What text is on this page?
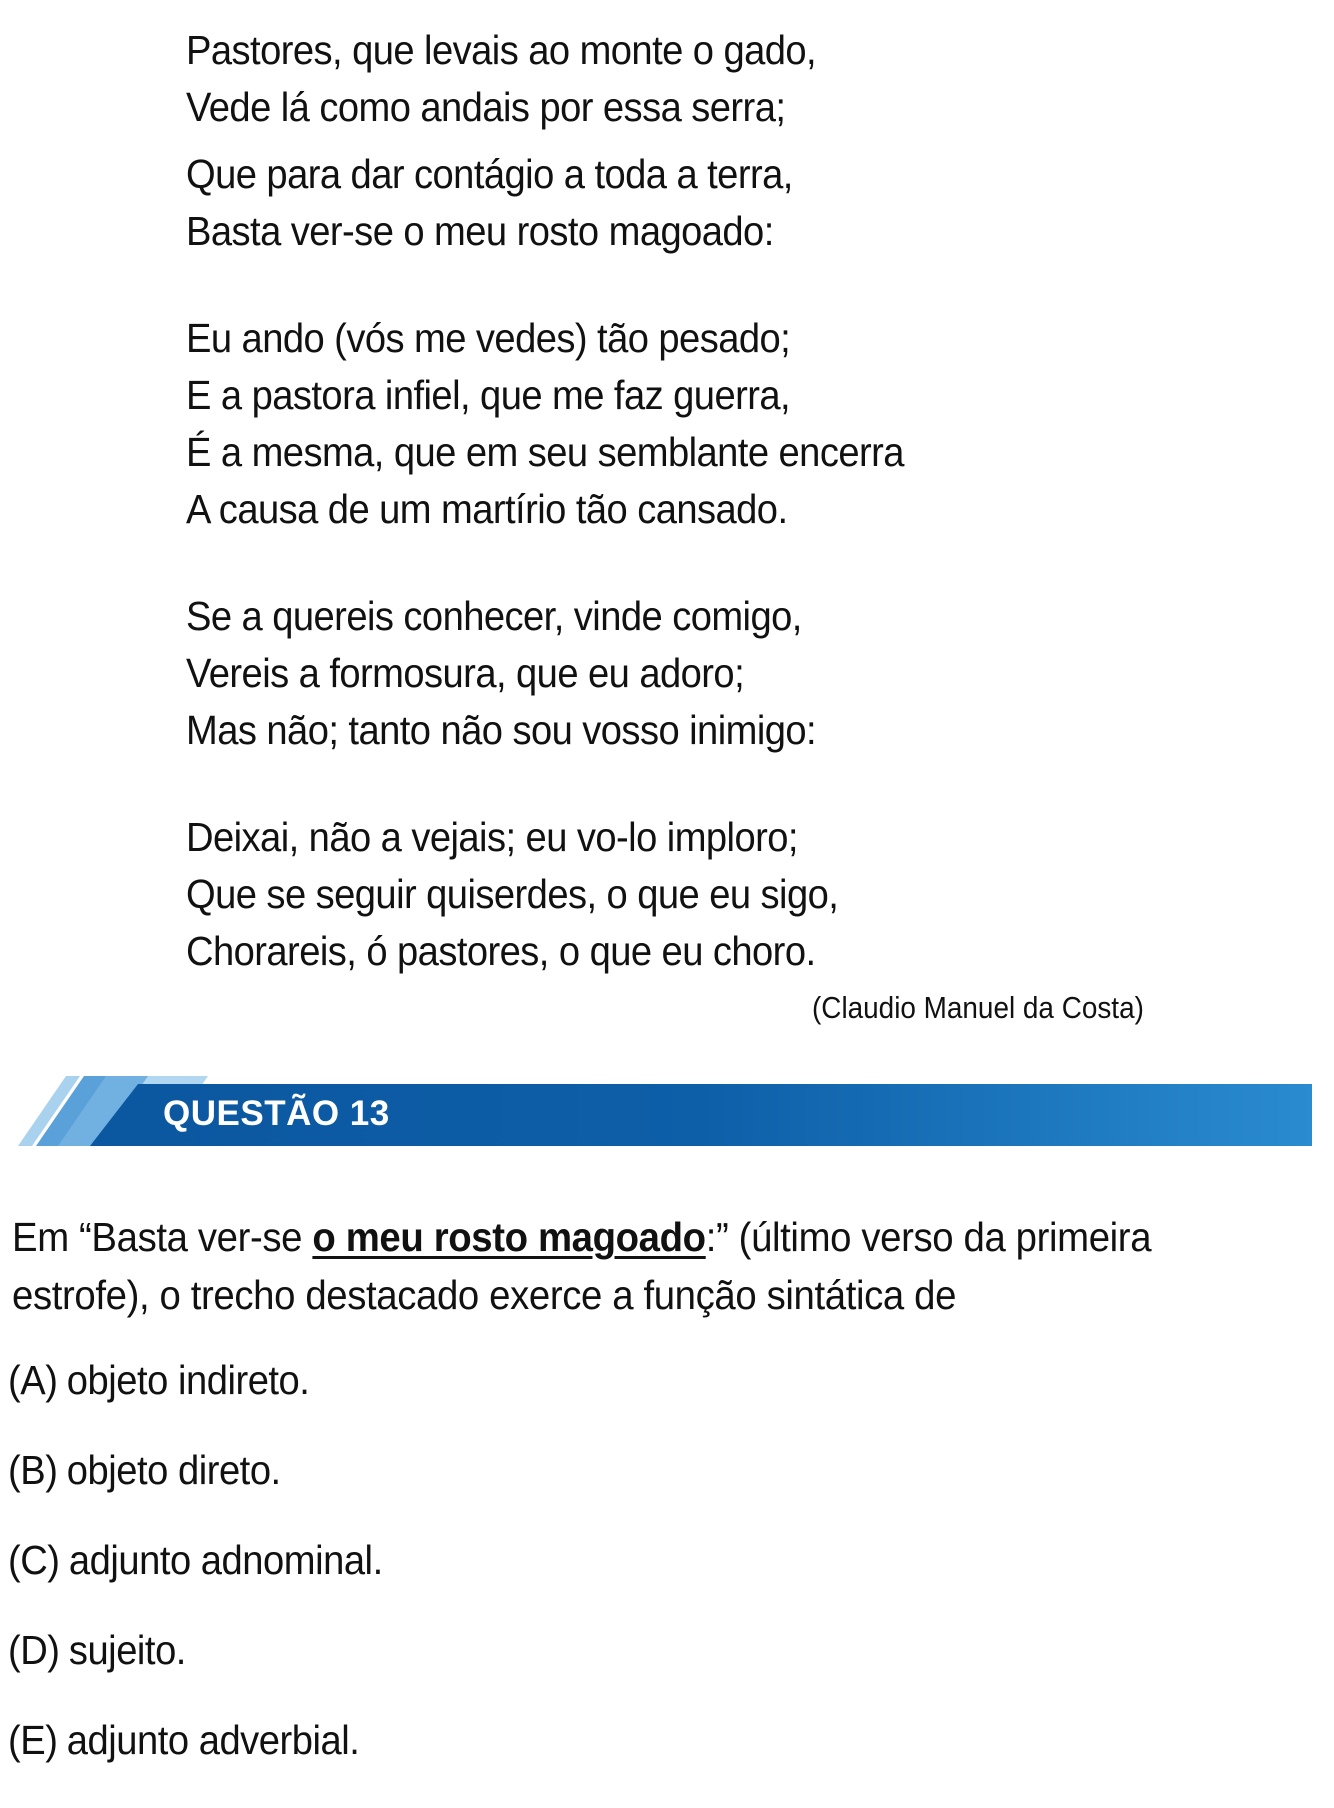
Pastores, que levais ao monte o gado,
Vede lá como andais por essa serra;
Que para dar contágio a toda a terra,
Basta ver-se o meu rosto magoado:
Eu ando (vós me vedes) tão pesado;
E a pastora infiel, que me faz guerra,
É a mesma, que em seu semblante encerra
A causa de um martírio tão cansado.
Se a quereis conhecer, vinde comigo,
Vereis a formosura, que eu adoro;
Mas não; tanto não sou vosso inimigo:
Deixai, não a vejais; eu vo-lo imploro;
Que se seguir quiserdes, o que eu sigo,
Chorareis, ó pastores, o que eu choro.
(Claudio Manuel da Costa)
QUESTÃO 13
Em “Basta ver-se o meu rosto magoado:” (último verso da primeira
estrofe), o trecho destacado exerce a função sintática de
(A) objeto indireto.
(B) objeto direto.
(C) adjunto adnominal.
(D) sujeito.
(E) adjunto adverbial.
